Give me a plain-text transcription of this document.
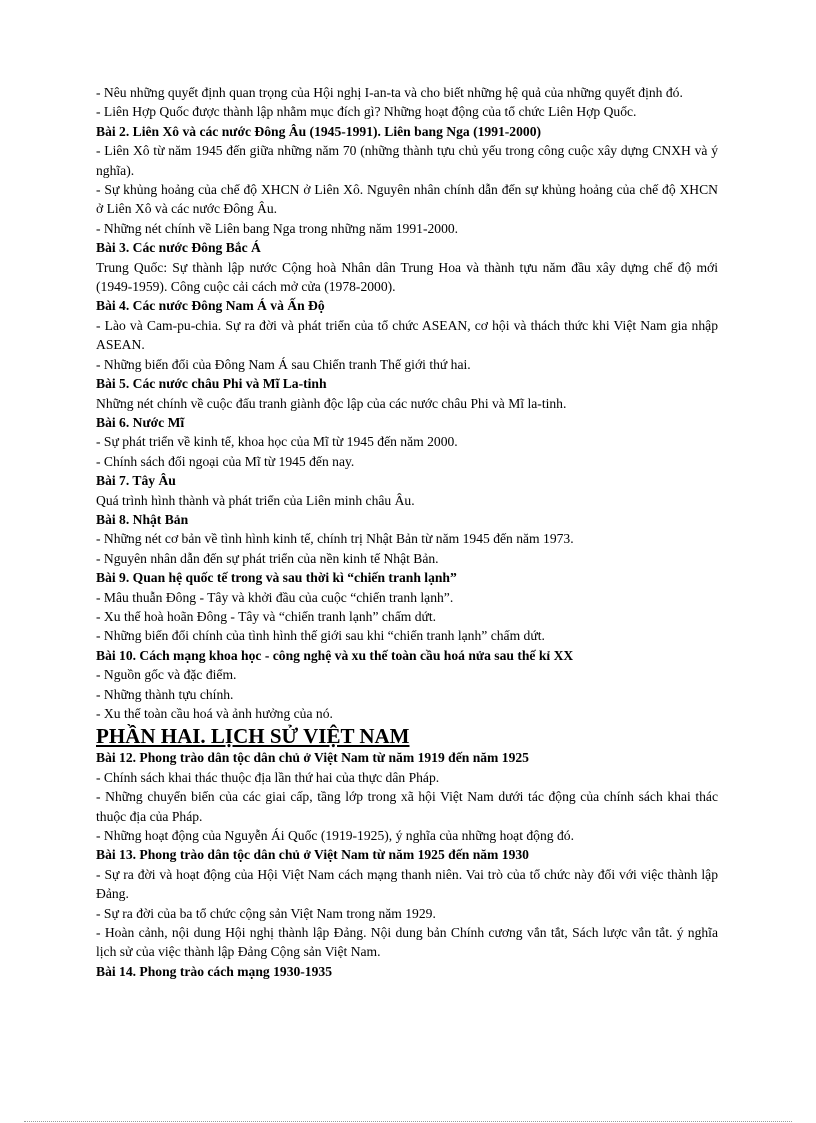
- Nêu những quyết định quan trọng của Hội nghị I-an-ta và cho biết những hệ quả của những quyết định đó.

- Liên Hợp Quốc được thành lập nhằm mục đích gì? Những hoạt động của tổ chức Liên Hợp Quốc.

Bài 2. Liên Xô và các nước Đông Âu (1945-1991). Liên bang Nga (1991-2000)

- Liên Xô từ năm 1945 đến giữa những năm 70 (những thành tựu chủ yếu trong công cuộc xây dựng CNXH và ý nghĩa).

- Sự khủng hoảng của chế độ XHCN ở Liên Xô. Nguyên nhân chính dẫn đến sự khủng hoảng của chế độ XHCN ở Liên Xô và các nước Đông Âu.

- Những nét chính về Liên bang Nga trong những năm 1991-2000.

Bài 3. Các nước Đông Bắc Á

Trung Quốc: Sự thành lập nước Cộng hoà Nhân dân Trung Hoa và thành tựu năm đầu xây dựng chế độ mới (1949-1959). Công cuộc cải cách mở cửa (1978-2000).

Bài 4. Các nước Đông Nam Á và Ấn Độ

- Lào và Cam-pu-chia. Sự ra đời và phát triển của tổ chức ASEAN, cơ hội và thách thức khi Việt Nam gia nhập ASEAN.

- Những biến đổi của Đông Nam Á sau Chiến tranh Thế giới thứ hai.

Bài 5. Các nước châu Phi và Mĩ La-tinh

Những nét chính về cuộc đấu tranh giành độc lập của các nước châu Phi và Mĩ la-tinh.

Bài 6. Nước Mĩ

- Sự phát triển về kinh tế, khoa học của Mĩ từ 1945 đến năm 2000.

- Chính sách đối ngoại của Mĩ từ 1945 đến nay.

Bài 7. Tây Âu

Quá trình hình thành và phát triển của Liên minh châu Âu.

Bài 8. Nhật Bản

- Những nét cơ bản về tình hình kinh tế, chính trị Nhật Bản từ năm 1945 đến năm 1973.

- Nguyên nhân dẫn đến sự phát triển của nền kinh tế Nhật Bản.

Bài 9. Quan hệ quốc tế trong và sau thời kì “chiến tranh lạnh”

- Mâu thuẫn Đông - Tây và khởi đầu của cuộc “chiến tranh lạnh”.

- Xu thế hoà hoãn Đông - Tây và “chiến tranh lạnh” chấm dứt.

- Những biến đổi chính của tình hình thế giới sau khi “chiến tranh lạnh” chấm dứt.

Bài 10. Cách mạng khoa học - công nghệ và xu thế toàn cầu hoá nửa sau thế kỉ XX

- Nguồn gốc và đặc điểm.

- Những thành tựu chính.

- Xu thế toàn cầu hoá và ảnh hưởng của nó.

PHẦN HAI. LỊCH SỬ VIỆT NAM

Bài 12. Phong trào dân tộc dân chủ ở Việt Nam từ năm 1919 đến năm 1925

- Chính sách khai thác thuộc địa lần thứ hai của thực dân Pháp.

- Những chuyển biến của các giai cấp, tầng lớp trong xã hội Việt Nam dưới tác động của chính sách khai thác thuộc địa của Pháp.

- Những hoạt động của Nguyễn Ái Quốc (1919-1925), ý nghĩa của những hoạt động đó.

Bài 13. Phong trào dân tộc dân chủ ở Việt Nam từ năm 1925 đến năm 1930

- Sự ra đời và hoạt động của Hội Việt Nam cách mạng thanh niên. Vai trò của tổ chức này đối với việc thành lập Đảng.

- Sự ra đời của ba tổ chức cộng sản Việt Nam trong năm 1929.

- Hoàn cảnh, nội dung Hội nghị thành lập Đảng. Nội dung bản Chính cương vắn tắt, Sách lược vắn tắt. ý nghĩa lịch sử của việc thành lập Đảng Cộng sản Việt Nam.

Bài 14. Phong trào cách mạng 1930-1935
